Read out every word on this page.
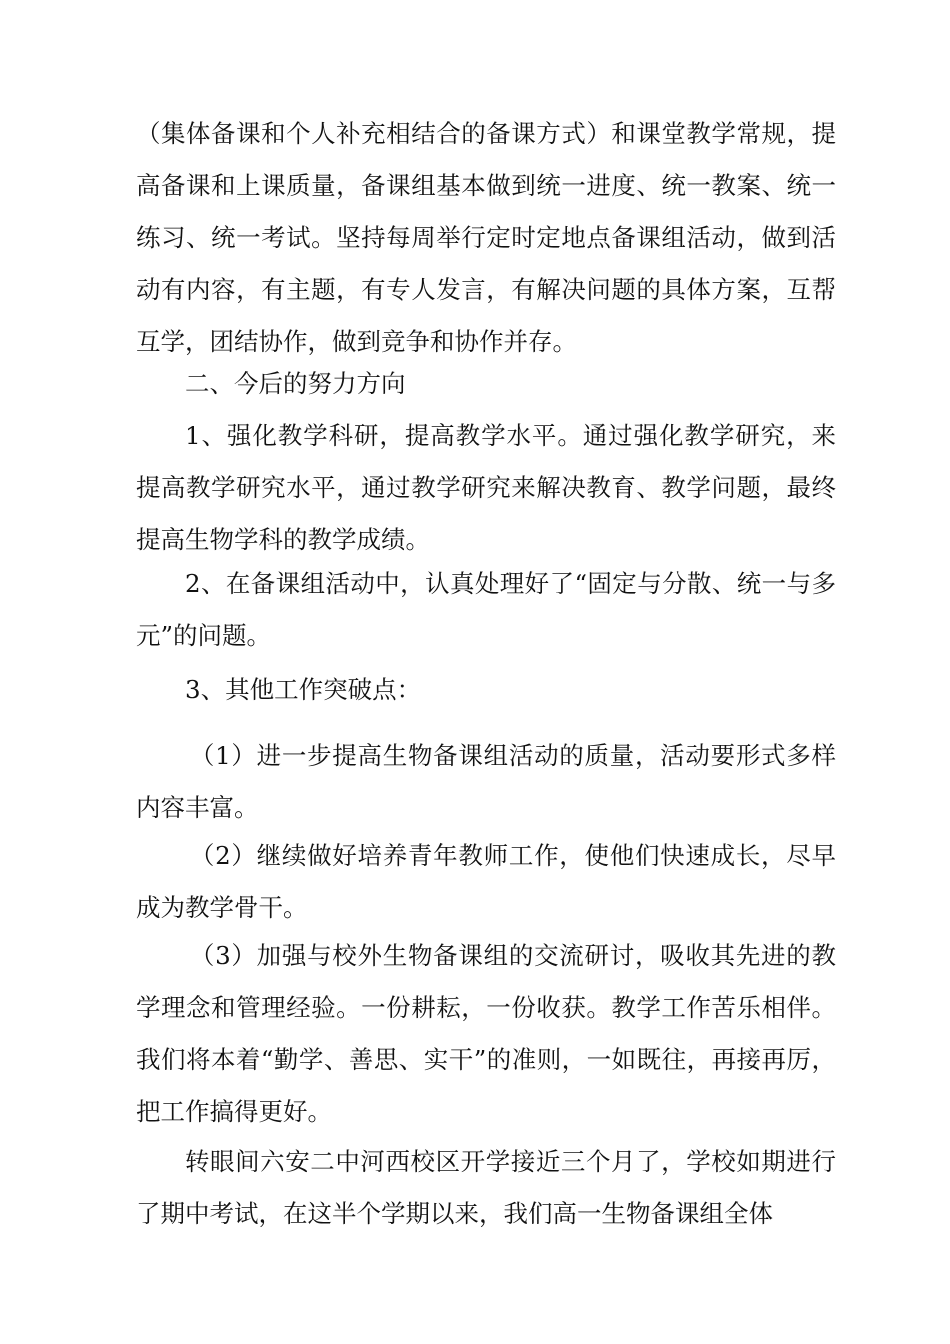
（集体备课和个人补充相结合的备课方式）和课堂教学常规，提高备课和上课质量，备课组基本做到统一进度、统一教案、统一练习、统一考试。坚持每周举行定时定地点备课组活动，做到活动有内容，有主题，有专人发言，有解决问题的具体方案，互帮互学，团结协作，做到竞争和协作并存。

二、今后的努力方向

1、强化教学科研，提高教学水平。通过强化教学研究，来提高教学研究水平，通过教学研究来解决教育、教学问题，最终提高生物学科的教学成绩。

2、在备课组活动中，认真处理好了“固定与分散、统一与多元”的问题。

3、其他工作突破点：

（1）进一步提高生物备课组活动的质量，活动要形式多样内容丰富。

（2）继续做好培养青年教师工作，使他们快速成长，尽早成为教学骨干。

（3）加强与校外生物备课组的交流研讨，吸收其先进的教学理念和管理经验。一份耕耘，一份收获。教学工作苦乐相伴。我们将本着“勤学、善思、实干”的准则，一如既往，再接再厉，把工作搞得更好。

转眼间六安二中河西校区开学接近三个月了，学校如期进行了期中考试，在这半个学期以来，我们高一生物备课组全体
